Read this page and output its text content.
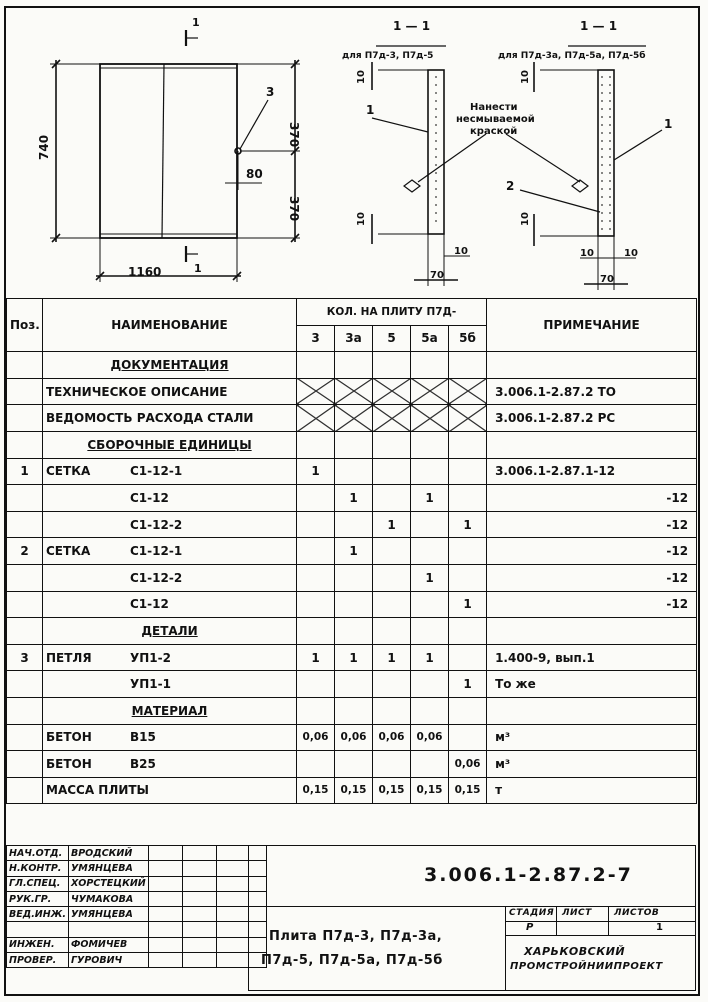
1
1
1160
740
370
370
80
3
1 — 1
для П7д-3, П7д-5
10
10
10
70
1
1 — 1
для П7д-3а, П7д-5а, П7д-5б
10
10
10	10
70
1
2
Нанести
несмываемой
краской
Поз.	НАИМЕНОВАНИЕ	КОЛ. НА ПЛИТУ П7Д-					ПРИМЕЧАНИЕ
		3	3а	5	5а	5б	
	ДОКУМЕНТАЦИЯ						
	ТЕХНИЧЕСКОЕ ОПИСАНИЕ						3.006.1-2.87.2 ТО
	ВЕДОМОСТЬ РАСХОДА СТАЛИ						3.006.1-2.87.2 РС
	СБОРОЧНЫЕ ЕДИНИЦЫ						
1	СЕТКА С1-12-1	1					3.006.1-2.87.1-12
	С1-12		1		1		-12
	С1-12-2			1		1	-12
2	СЕТКА С1-12-1		1				-12
	С1-12-2				1		-12
	С1-12					1	-12
	ДЕТАЛИ						
3	ПЕТЛЯ УП1-2	1	1	1	1		1.400-9, вып.1
	УП1-1					1	То же
	МАТЕРИАЛ						
	БЕТОН В15	0,06	0,06	0,06	0,06		м³
	БЕТОН В25					0,06	м³
	МАССА ПЛИТЫ	0,15	0,15	0,15	0,15	0,15	т
НАЧ.ОТД.	ВРОДСКИЙ			
Н.КОНТР.	УМЯНЦЕВА			
ГЛ.СПЕЦ.	ХОРСТЕЦКИЙ			
РУК.ГР.	ЧУМАКОВА			
ВЕД.ИНЖ.	УМЯНЦЕВА			

ИНЖЕН.	ФОМИЧЕВ			
ПРОВЕР.	ГУРОВИЧ			
3.006.1-2.87.2-7
Плита П7д-3, П7д-3а,
П7д-5, П7д-5а, П7д-5б
СТАДИЯ ЛИСТ ЛИСТОВ
Р	1
ХАРЬКОВСКИЙ
ПРОМСТРОЙНИИПРОЕКТ
